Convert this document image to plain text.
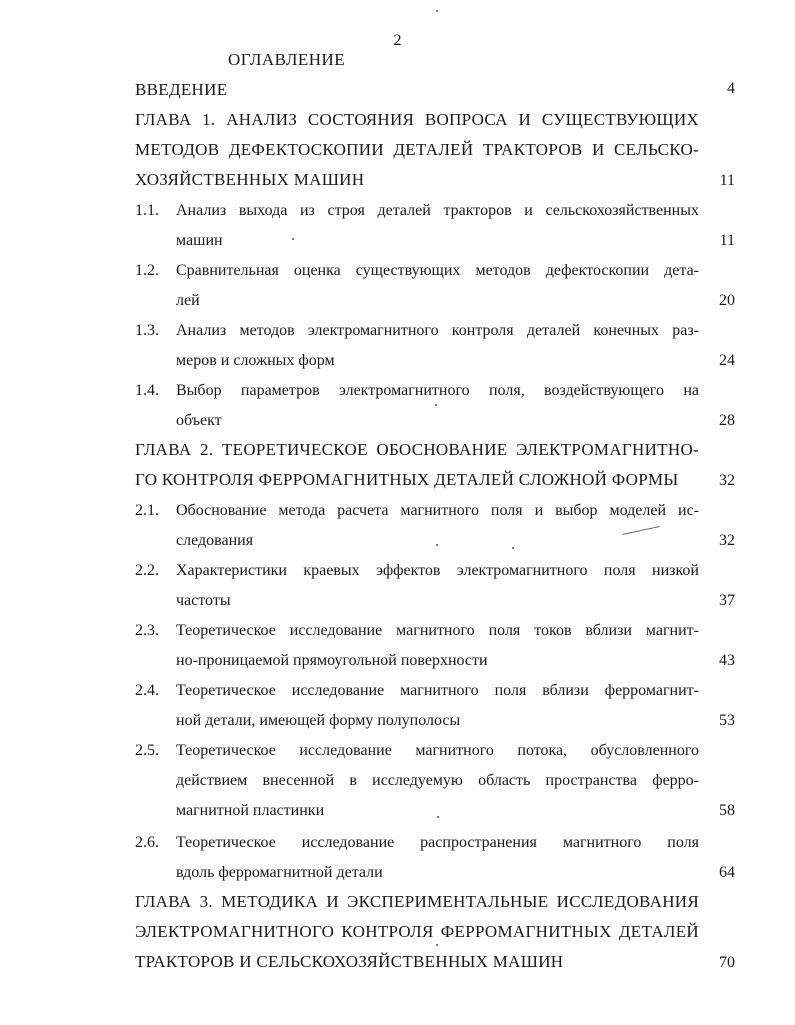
2
ОГЛАВЛЕНИЕ
ВВЕДЕНИЕ	4
ГЛАВА 1. АНАЛИЗ СОСТОЯНИЯ ВОПРОСА И СУЩЕСТВУЮЩИХ
МЕТОДОВ ДЕФЕКТОСКОПИИ ДЕТАЛЕЙ ТРАКТОРОВ И СЕЛЬСКО-
ХОЗЯЙСТВЕННЫХ МАШИН	11
1.1. Анализ выхода из строя деталей тракторов и сельскохозяйственных
машин	11
1.2. Сравнительная оценка существующих методов дефектоскопии дета-
лей	20
1.3. Анализ методов электромагнитного контроля деталей конечных раз-
меров и сложных форм	24
1.4. Выбор параметров электромагнитного поля, воздействующего на
объект	28
ГЛАВА 2. ТЕОРЕТИЧЕСКОЕ ОБОСНОВАНИЕ ЭЛЕКТРОМАГНИТНО-
ГО КОНТРОЛЯ ФЕРРОМАГНИТНЫХ ДЕТАЛЕЙ СЛОЖНОЙ ФОРМЫ	32
2.1. Обоснование метода расчета магнитного поля и выбор моделей ис-
следования	32
2.2. Характеристики краевых эффектов электромагнитного поля низкой
частоты	37
2.3. Теоретическое исследование магнитного поля токов вблизи магнит-
но-проницаемой прямоугольной поверхности	43
2.4. Теоретическое исследование магнитного поля вблизи ферромагнит-
ной детали, имеющей форму полуполосы	53
2.5. Теоретическое исследование магнитного потока, обусловленного
действием внесенной в исследуемую область пространства ферро-
магнитной пластинки	58
2.6. Теоретическое исследование распространения магнитного поля
вдоль ферромагнитной детали	64
ГЛАВА 3. МЕТОДИКА И ЭКСПЕРИМЕНТАЛЬНЫЕ ИССЛЕДОВАНИЯ
ЭЛЕКТРОМАГНИТНОГО КОНТРОЛЯ ФЕРРОМАГНИТНЫХ ДЕТАЛЕЙ
ТРАКТОРОВ И СЕЛЬСКОХОЗЯЙСТВЕННЫХ МАШИН	70
